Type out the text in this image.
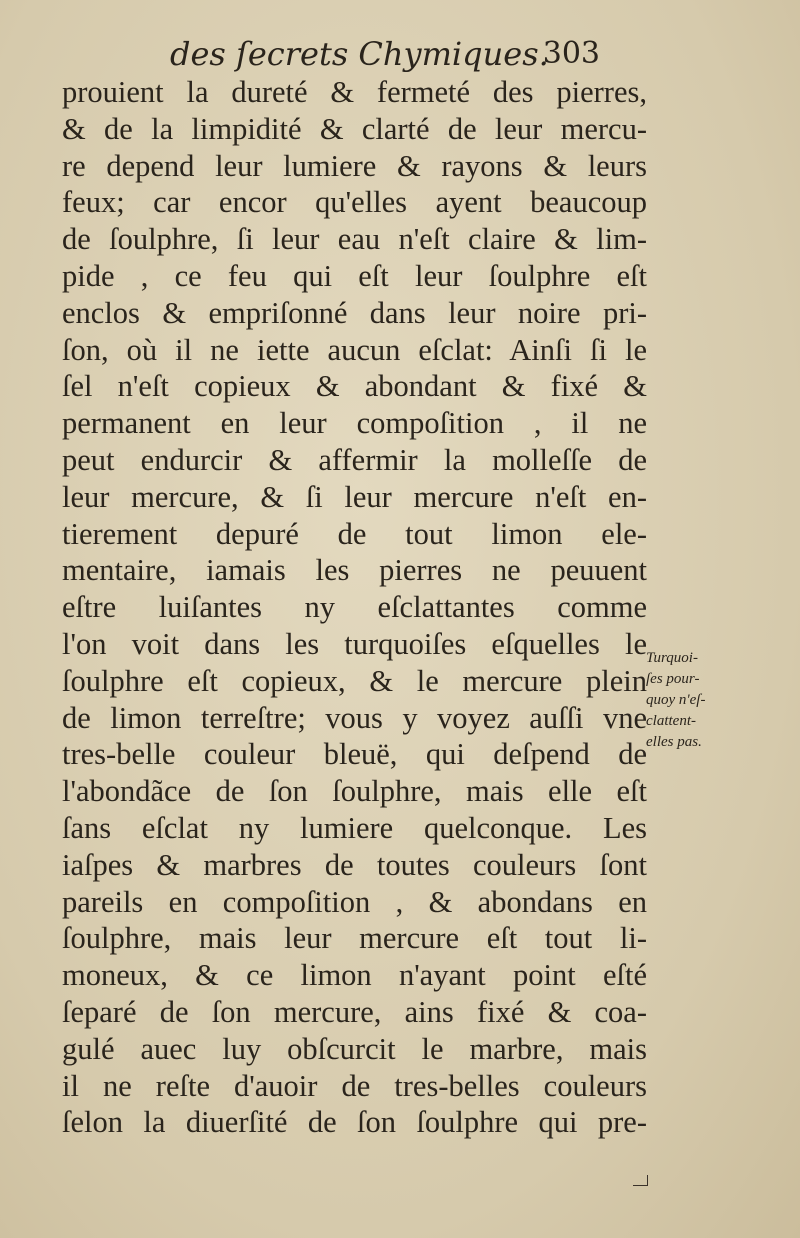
des ſecrets Chymiques.
303
prouient la dureté & fermeté des pierres,
& de la limpidité & clarté de leur mercu-
re depend leur lumiere & rayons & leurs
feux; car encor qu'elles ayent beaucoup
de ſoulphre, ſi leur eau n'eſt claire & lim-
pide , ce feu qui eſt leur ſoulphre eſt
enclos & empriſonné dans leur noire pri-
ſon, où il ne iette aucun eſclat: Ainſi ſi le
ſel n'eſt copieux & abondant & fixé &
permanent en leur compoſition , il ne
peut endurcir & affermir la molleſſe de
leur mercure, & ſi leur mercure n'eſt en-
tierement depuré de tout limon ele-
mentaire, iamais les pierres ne peuuent
eſtre luiſantes ny eſclattantes comme
l'on voit dans les turquoiſes eſquelles le
ſoulphre eſt copieux, & le mercure plein
de limon terreſtre; vous y voyez auſſi vne
tres-belle couleur bleuë, qui deſpend de
l'abondãce de ſon ſoulphre, mais elle eſt
ſans eſclat ny lumiere quelconque. Les
iaſpes & marbres de toutes couleurs ſont
pareils en compoſition , & abondans en
ſoulphre, mais leur mercure eſt tout li-
moneux, & ce limon n'ayant point eſté
ſeparé de ſon mercure, ains fixé & coa-
gulé auec luy obſcurcit le marbre, mais
il ne reſte d'auoir de tres-belles couleurs
ſelon la diuerſité de ſon ſoulphre qui pre-
Turquoi-
ſes pour-
quoy n'eſ-
clattent-
elles pas.
